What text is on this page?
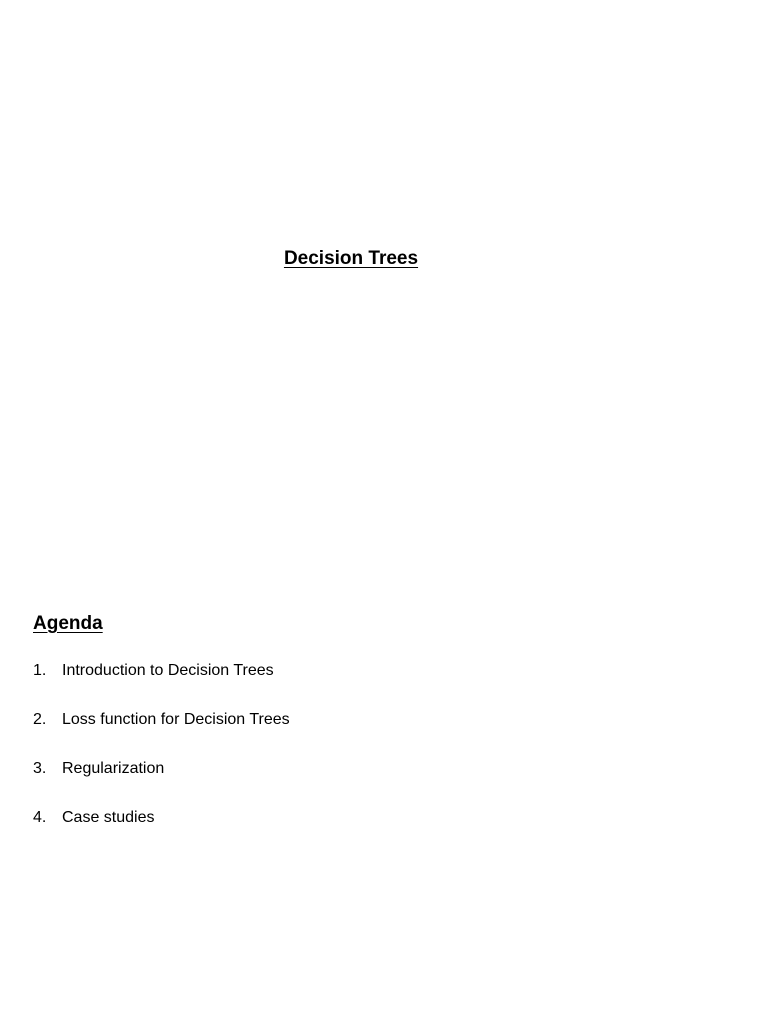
Decision Trees
Agenda
1. Introduction to Decision Trees
2. Loss function for Decision Trees
3. Regularization
4. Case studies
